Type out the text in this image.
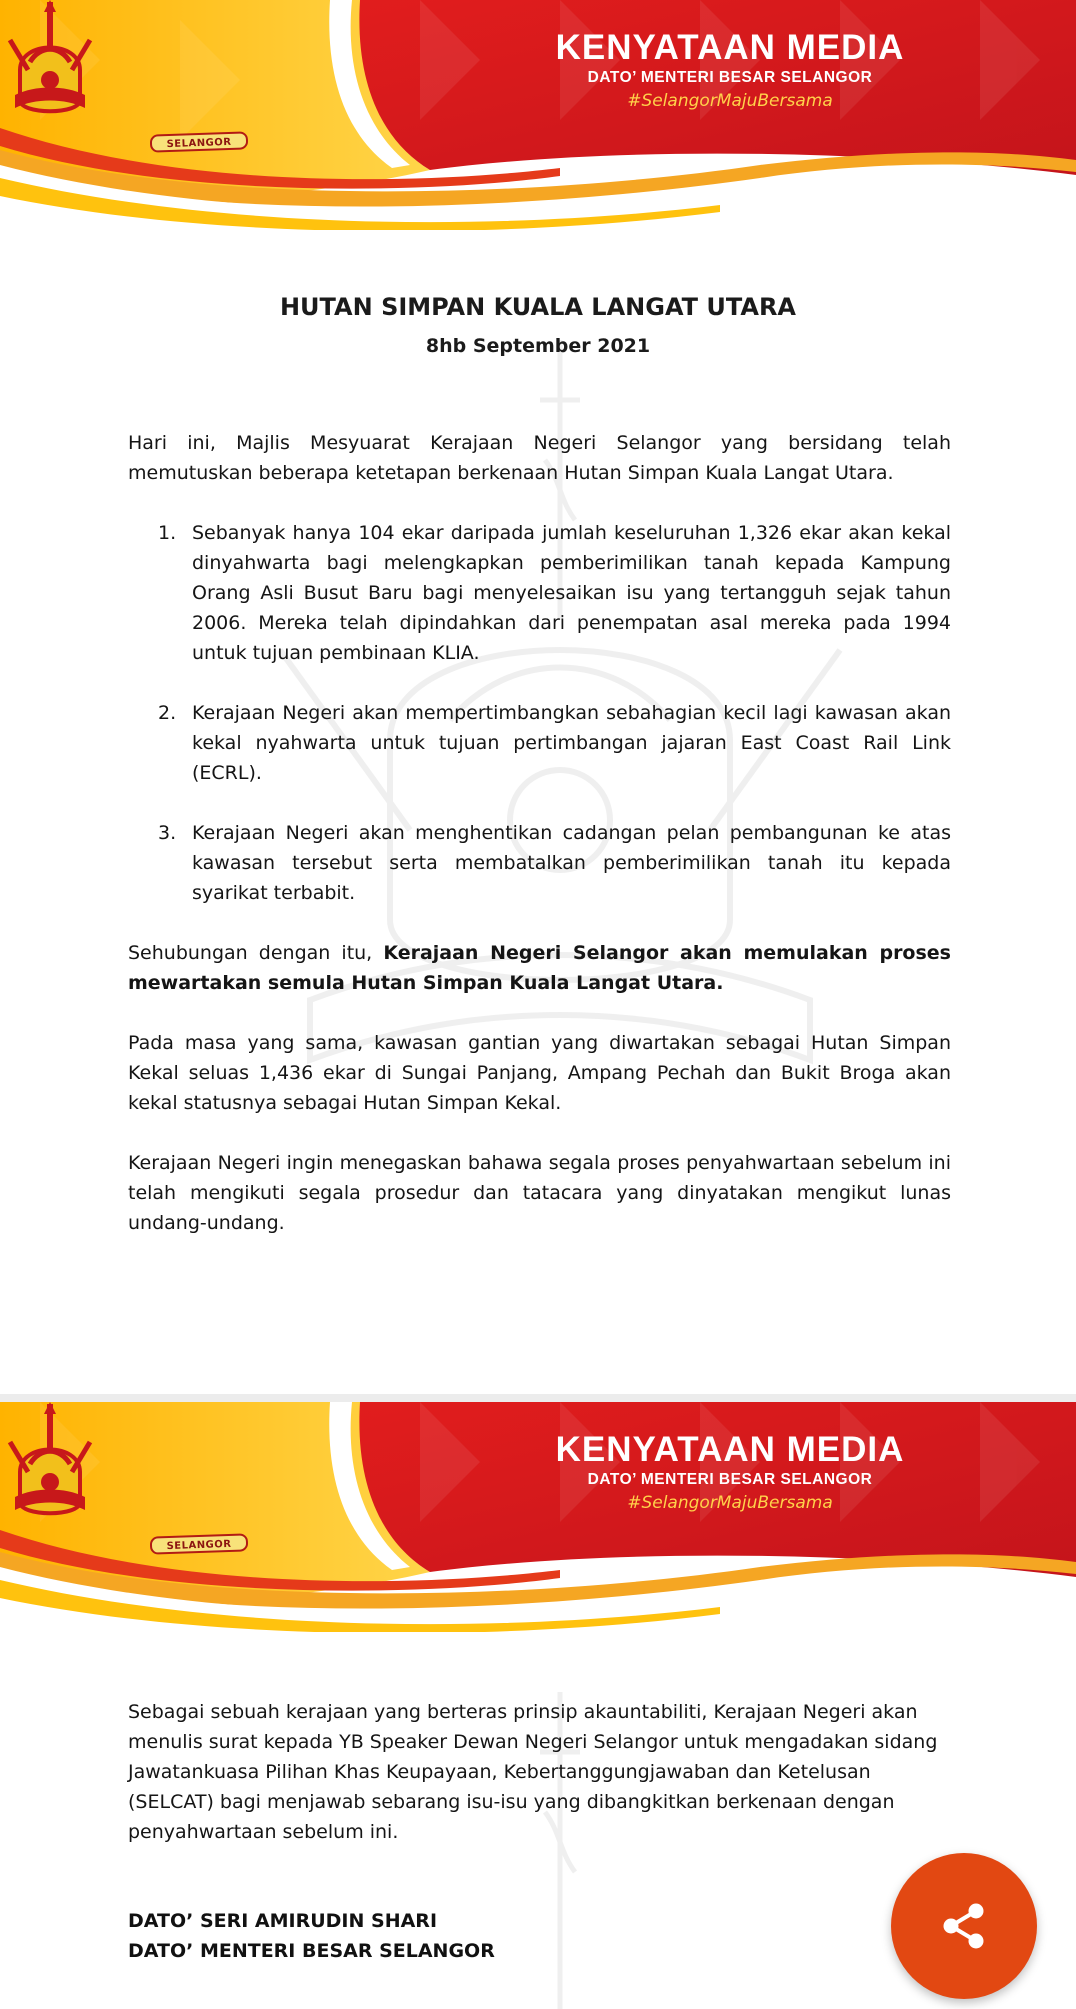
SELANGOR
KENYATAAN MEDIA
DATO’ MENTERI BESAR SELANGOR
#SelangorMajuBersama
HUTAN SIMPAN KUALA LANGAT UTARA
8hb September 2021

Hari ini, Majlis Mesyuarat Kerajaan Negeri Selangor yang bersidang telah memutuskan beberapa ketetapan berkenaan Hutan Simpan Kuala Langat Utara.

1. Sebanyak hanya 104 ekar daripada jumlah keseluruhan 1,326 ekar akan kekal dinyahwarta bagi melengkapkan pemberimilikan tanah kepada Kampung Orang Asli Busut Baru bagi menyelesaikan isu yang tertangguh sejak tahun 2006. Mereka telah dipindahkan dari penempatan asal mereka pada 1994 untuk tujuan pembinaan KLIA.

2. Kerajaan Negeri akan mempertimbangkan sebahagian kecil lagi kawasan akan kekal nyahwarta untuk tujuan pertimbangan jajaran East Coast Rail Link (ECRL).

3. Kerajaan Negeri akan menghentikan cadangan pelan pembangunan ke atas kawasan tersebut serta membatalkan pemberimilikan tanah itu kepada syarikat terbabit.

Sehubungan dengan itu, Kerajaan Negeri Selangor akan memulakan proses mewartakan semula Hutan Simpan Kuala Langat Utara.

Pada masa yang sama, kawasan gantian yang diwartakan sebagai Hutan Simpan Kekal seluas 1,436 ekar di Sungai Panjang, Ampang Pechah dan Bukit Broga akan kekal statusnya sebagai Hutan Simpan Kekal.

Kerajaan Negeri ingin menegaskan bahawa segala proses penyahwartaan sebelum ini telah mengikuti segala prosedur dan tatacara yang dinyatakan mengikut lunas undang-undang.

SELANGOR
KENYATAAN MEDIA
DATO’ MENTERI BESAR SELANGOR
#SelangorMajuBersama

Sebagai sebuah kerajaan yang berteras prinsip akauntabiliti, Kerajaan Negeri akan menulis surat kepada YB Speaker Dewan Negeri Selangor untuk mengadakan sidang Jawatankuasa Pilihan Khas Keupayaan, Kebertanggungjawaban dan Ketelusan (SELCAT) bagi menjawab sebarang isu-isu yang dibangkitkan berkenaan dengan penyahwartaan sebelum ini.

DATO’ SERI AMIRUDIN SHARI
DATO’ MENTERI BESAR SELANGOR
